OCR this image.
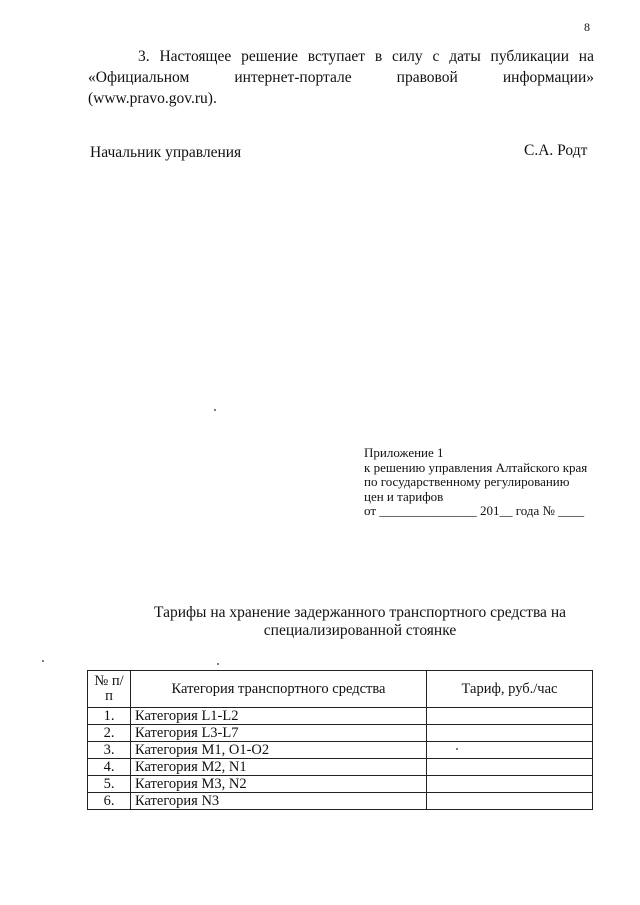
8
3. Настоящее решение вступает в силу с даты публикации на
«Официальном интернет-портале правовой информации» (www.pravo.gov.ru).
Начальник управления	С.А. Родт
Приложение 1
к решению управления Алтайского края
по государственному регулированию
цен и тарифов
от _______________ 201__ года № ____
Тарифы на хранение задержанного транспортного средства на
специализированной стоянке
№ п/п	Категория транспортного средства	Тариф, руб./час
1.	Категория L1-L2	
2.	Категория L3-L7	
3.	Категория M1, O1-O2	
4.	Категория M2, N1	
5.	Категория M3, N2	
6.	Категория N3	
